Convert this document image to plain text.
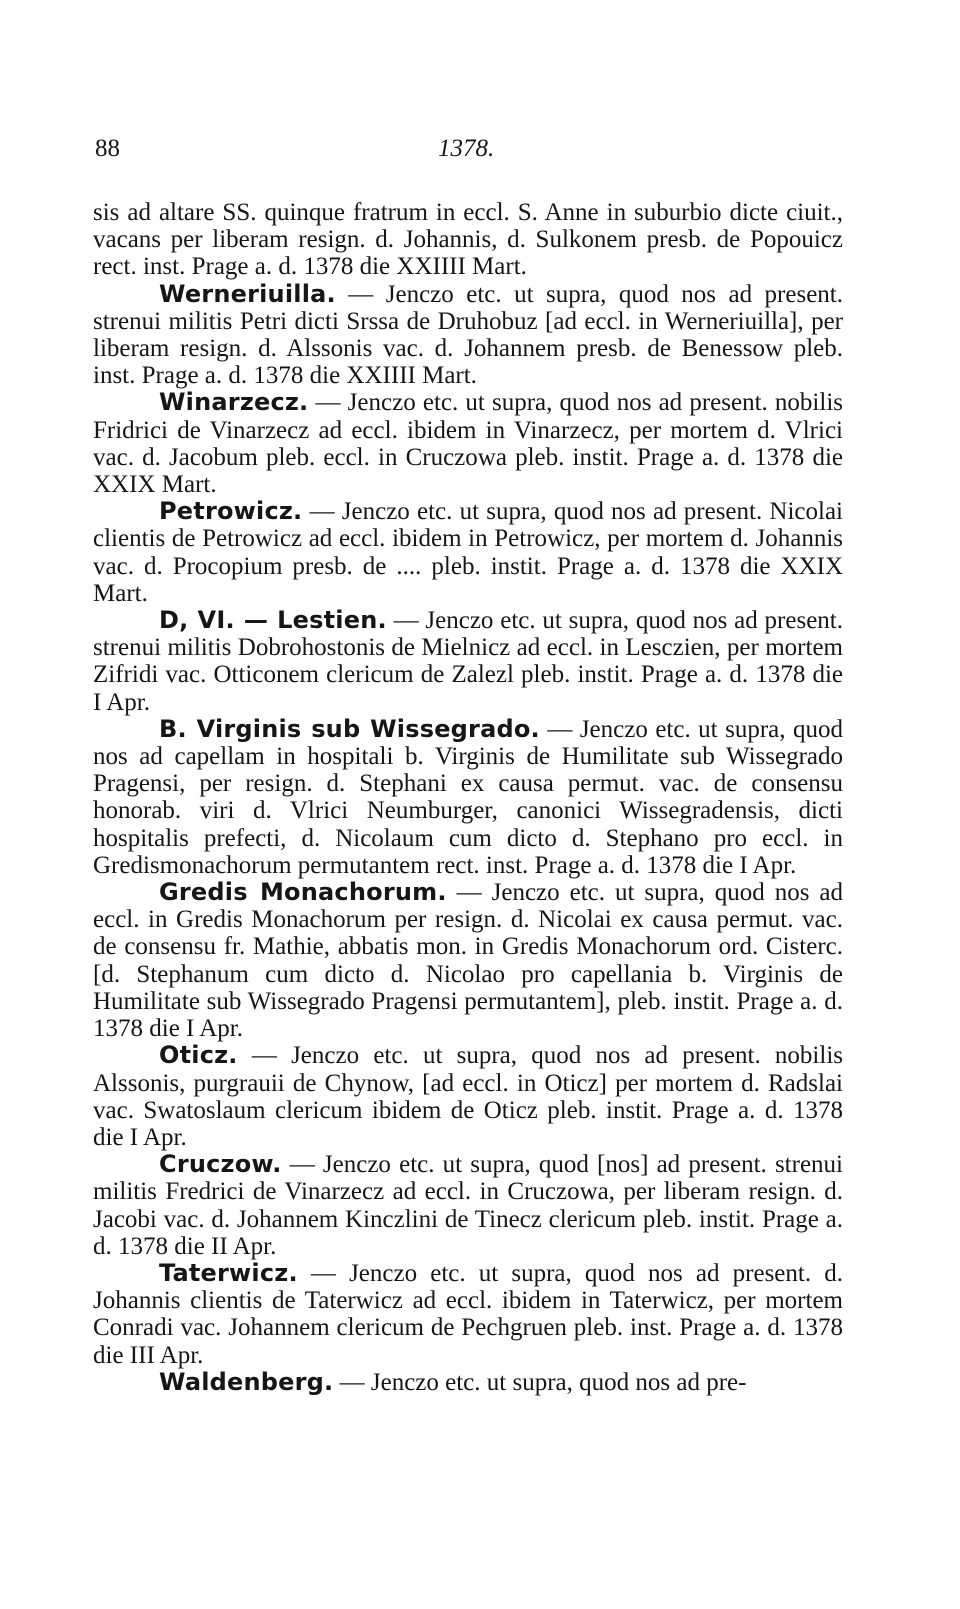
88	1378.

sis ad altare SS. quinque fratrum in eccl. S. Anne in suburbio dicte ciuit., vacans per liberam resign. d. Johannis, d. Sulkonem presb. de Popouicz rect. inst. Prage a. d. 1378 die XXIIII Mart.

Werneriuilla. — Jenczo etc. ut supra, quod nos ad present. strenui militis Petri dicti Srssa de Druhobuz [ad eccl. in Werneriuilla], per liberam resign. d. Alssonis vac. d. Johannem presb. de Benessow pleb. inst. Prage a. d. 1378 die XXIIII Mart.

Winarzecz. — Jenczo etc. ut supra, quod nos ad present. nobilis Fridrici de Vinarzecz ad eccl. ibidem in Vinarzecz, per mortem d. Vlrici vac. d. Jacobum pleb. eccl. in Cruczowa pleb. instit. Prage a. d. 1378 die XXIX Mart.

Petrowicz. — Jenczo etc. ut supra, quod nos ad present. Nicolai clientis de Petrowicz ad eccl. ibidem in Petrowicz, per mortem d. Johannis vac. d. Procopium presb. de .... pleb. instit. Prage a. d. 1378 die XXIX Mart.

D, VI. — Lestien. — Jenczo etc. ut supra, quod nos ad present. strenui militis Dobrohostonis de Mielnicz ad eccl. in Lesczien, per mortem Zifridi vac. Otticonem clericum de Zalezl pleb. instit. Prage a. d. 1378 die I Apr.

B. Virginis sub Wissegrado. — Jenczo etc. ut supra, quod nos ad capellam in hospitali b. Virginis de Humilitate sub Wissegrado Pragensi, per resign. d. Stephani ex causa permut. vac. de consensu honorab. viri d. Vlrici Neumburger, canonici Wissegradensis, dicti hospitalis prefecti, d. Nicolaum cum dicto d. Stephano pro eccl. in Gredismonachorum permutantem rect. inst. Prage a. d. 1378 die I Apr.

Gredis Monachorum. — Jenczo etc. ut supra, quod nos ad eccl. in Gredis Monachorum per resign. d. Nicolai ex causa permut. vac. de consensu fr. Mathie, abbatis mon. in Gredis Monachorum ord. Cisterc. [d. Stephanum cum dicto d. Nicolao pro capellania b. Virginis de Humilitate sub Wissegrado Pragensi permutantem], pleb. instit. Prage a. d. 1378 die I Apr.

Oticz. — Jenczo etc. ut supra, quod nos ad present. nobilis Alssonis, purgrauii de Chynow, [ad eccl. in Oticz] per mortem d. Radslai vac. Swatoslaum clericum ibidem de Oticz pleb. instit. Prage a. d. 1378 die I Apr.

Cruczow. — Jenczo etc. ut supra, quod [nos] ad present. strenui militis Fredrici de Vinarzecz ad eccl. in Cruczowa, per liberam resign. d. Jacobi vac. d. Johannem Kinczlini de Tinecz clericum pleb. instit. Prage a. d. 1378 die II Apr.

Taterwicz. — Jenczo etc. ut supra, quod nos ad present. d. Johannis clientis de Taterwicz ad eccl. ibidem in Taterwicz, per mortem Conradi vac. Johannem clericum de Pechgruen pleb. inst. Prage a. d. 1378 die III Apr.

Waldenberg. — Jenczo etc. ut supra, quod nos ad pre-
